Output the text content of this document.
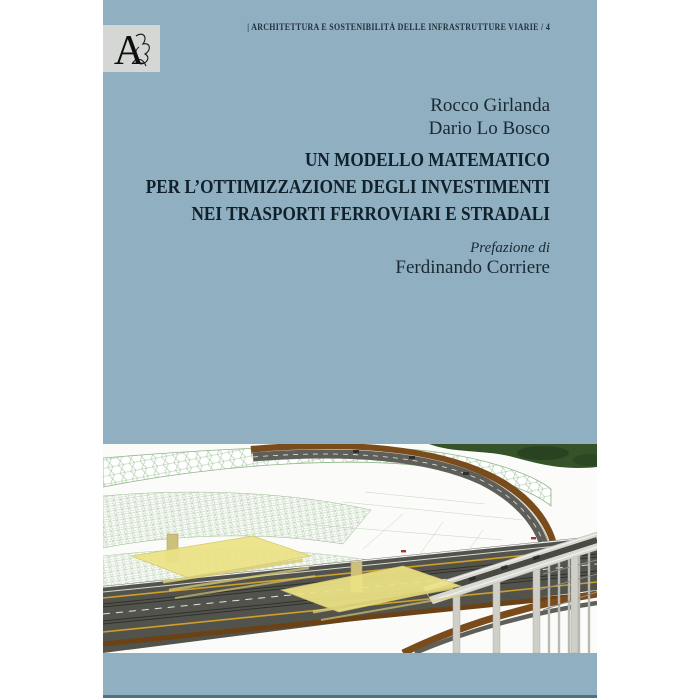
A
| ARCHITETTURA E SOSTENIBILITÀ DELLE INFRASTRUTTURE VIARIE / 4
Rocco Girlanda
Dario Lo Bosco
UN MODELLO MATEMATICO
PER L’OTTIMIZZAZIONE DEGLI INVESTIMENTI
NEI TRASPORTI FERROVIARI E STRADALI
Prefazione di
Ferdinando Corriere
